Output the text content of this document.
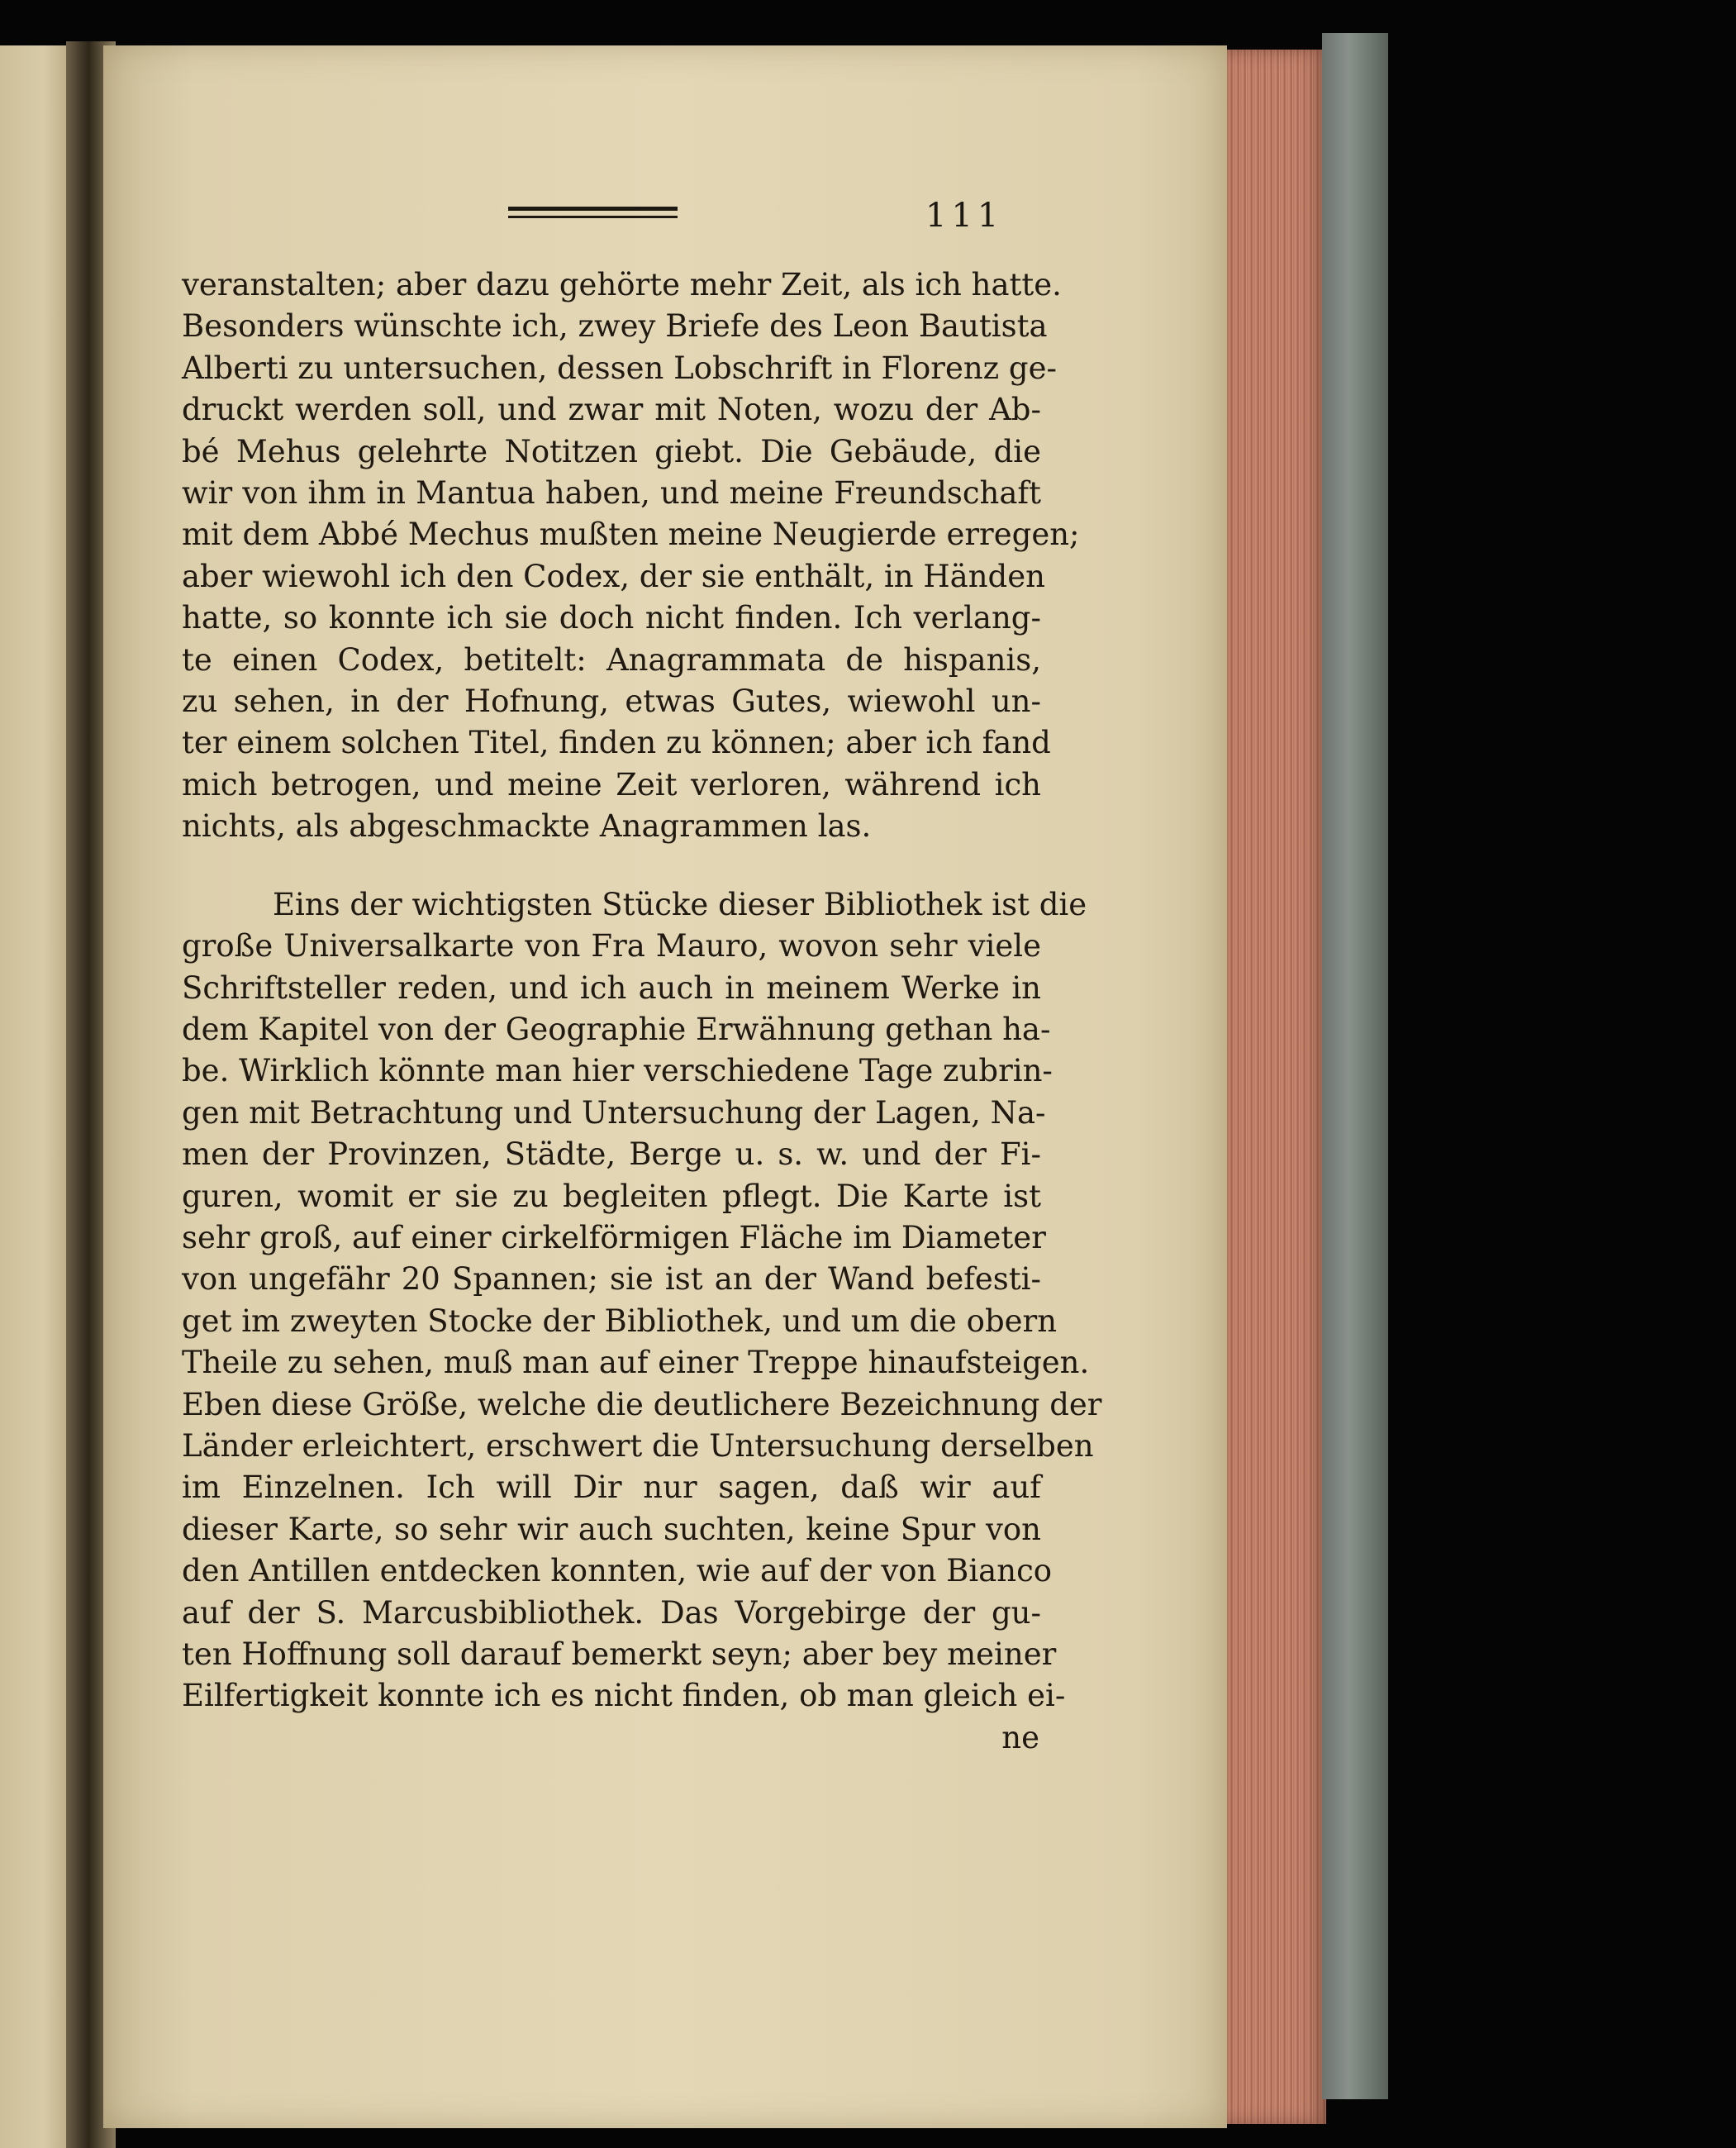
111

veranstalten; aber dazu gehörte mehr Zeit, als ich hatte.
Besonders wünschte ich, zwey Briefe des Leon Bautista
Alberti zu untersuchen, dessen Lobschrift in Florenz ge-
druckt werden soll, und zwar mit Noten, wozu der Ab-
bé Mehus gelehrte Notitzen giebt. Die Gebäude, die
wir von ihm in Mantua haben, und meine Freundschaft
mit dem Abbé Mechus mußten meine Neugierde erregen;
aber wiewohl ich den Codex, der sie enthält, in Händen
hatte, so konnte ich sie doch nicht finden. Ich verlang-
te einen Codex, betitelt: Anagrammata de hispanis,
zu sehen, in der Hofnung, etwas Gutes, wiewohl un-
ter einem solchen Titel, finden zu können; aber ich fand
mich betrogen, und meine Zeit verloren, während ich
nichts, als abgeschmackte Anagrammen las.

Eins der wichtigsten Stücke dieser Bibliothek ist die
große Universalkarte von Fra Mauro, wovon sehr viele
Schriftsteller reden, und ich auch in meinem Werke in
dem Kapitel von der Geographie Erwähnung gethan ha-
be. Wirklich könnte man hier verschiedene Tage zubrin-
gen mit Betrachtung und Untersuchung der Lagen, Na-
men der Provinzen, Städte, Berge u. s. w. und der Fi-
guren, womit er sie zu begleiten pflegt. Die Karte ist
sehr groß, auf einer cirkelförmigen Fläche im Diameter
von ungefähr 20 Spannen; sie ist an der Wand befesti-
get im zweyten Stocke der Bibliothek, und um die obern
Theile zu sehen, muß man auf einer Treppe hinaufsteigen.
Eben diese Größe, welche die deutlichere Bezeichnung der
Länder erleichtert, erschwert die Untersuchung derselben
im Einzelnen. Ich will Dir nur sagen, daß wir auf
dieser Karte, so sehr wir auch suchten, keine Spur von
den Antillen entdecken konnten, wie auf der von Bianco
auf der S. Marcusbibliothek. Das Vorgebirge der gu-
ten Hoffnung soll darauf bemerkt seyn; aber bey meiner
Eilfertigkeit konnte ich es nicht finden, ob man gleich ei-

ne
